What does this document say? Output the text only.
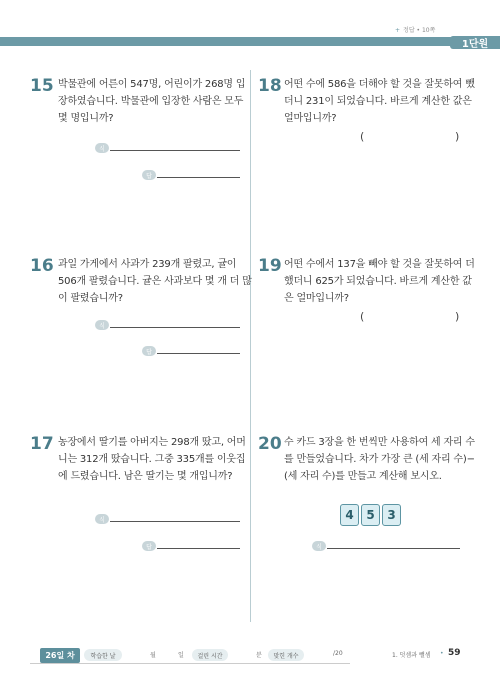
+ 정답 • 10쪽
1단원
15 박물관에 어른이 547명, 어린이가 268명 입장하였습니다. 박물관에 입장한 사람은 모두 몇 명입니까?
식
답
16 과일 가게에서 사과가 239개 팔렸고, 귤이 506개 팔렸습니다. 귤은 사과보다 몇 개 더 많이 팔렸습니까?
식
답
17 농장에서 딸기를 아버지는 298개 땄고, 어머니는 312개 땄습니다. 그중 335개를 이웃집에 드렸습니다. 남은 딸기는 몇 개입니까?
식
답
18 어떤 수에 586을 더해야 할 것을 잘못하여 뺐더니 231이 되었습니다. 바르게 계산한 값은 얼마입니까?
(	)
19 어떤 수에서 137을 빼야 할 것을 잘못하여 더했더니 625가 되었습니다. 바르게 계산한 값은 얼마입니까?
(	)
20 수 카드 3장을 한 번씩만 사용하여 세 자리 수를 만들었습니다. 차가 가장 큰 (세 자리 수)−(세 자리 수)를 만들고 계산해 보시오.
4	5	3
식
26일 차	학습한 날	월	일	걸린 시간	분	맞힌 개수	/20	1. 덧셈과 뺄셈 • 59
